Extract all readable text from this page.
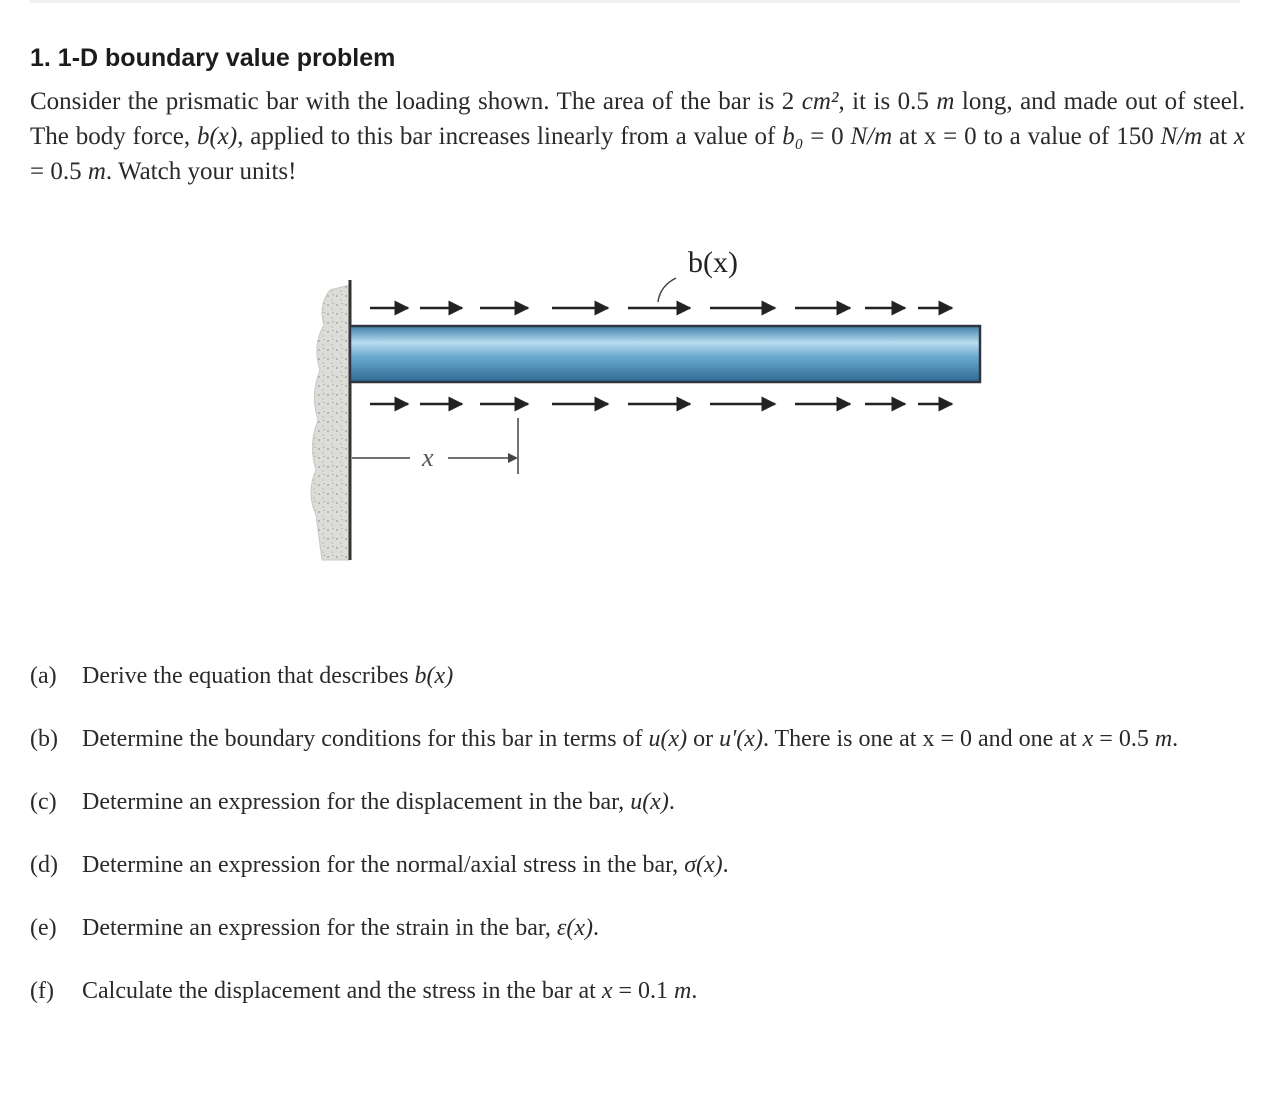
1. 1-D boundary value problem

Consider the prismatic bar with the loading shown. The area of the bar is 2 cm², it is 0.5 m long, and made out of steel. The body force, b(x), applied to this bar increases linearly from a value of b₀ = 0 N/m at x = 0 to a value of 150 N/m at x = 0.5 m. Watch your units!

b(x)
x
(a) Derive the equation that describes b(x)
(b) Determine the boundary conditions for this bar in terms of u(x) or u'(x). There is one at x = 0 and one at x = 0.5 m.
(c) Determine an expression for the displacement in the bar, u(x).
(d) Determine an expression for the normal/axial stress in the bar, σ(x).
(e) Determine an expression for the strain in the bar, ε(x).
(f) Calculate the displacement and the stress in the bar at x = 0.1 m.
